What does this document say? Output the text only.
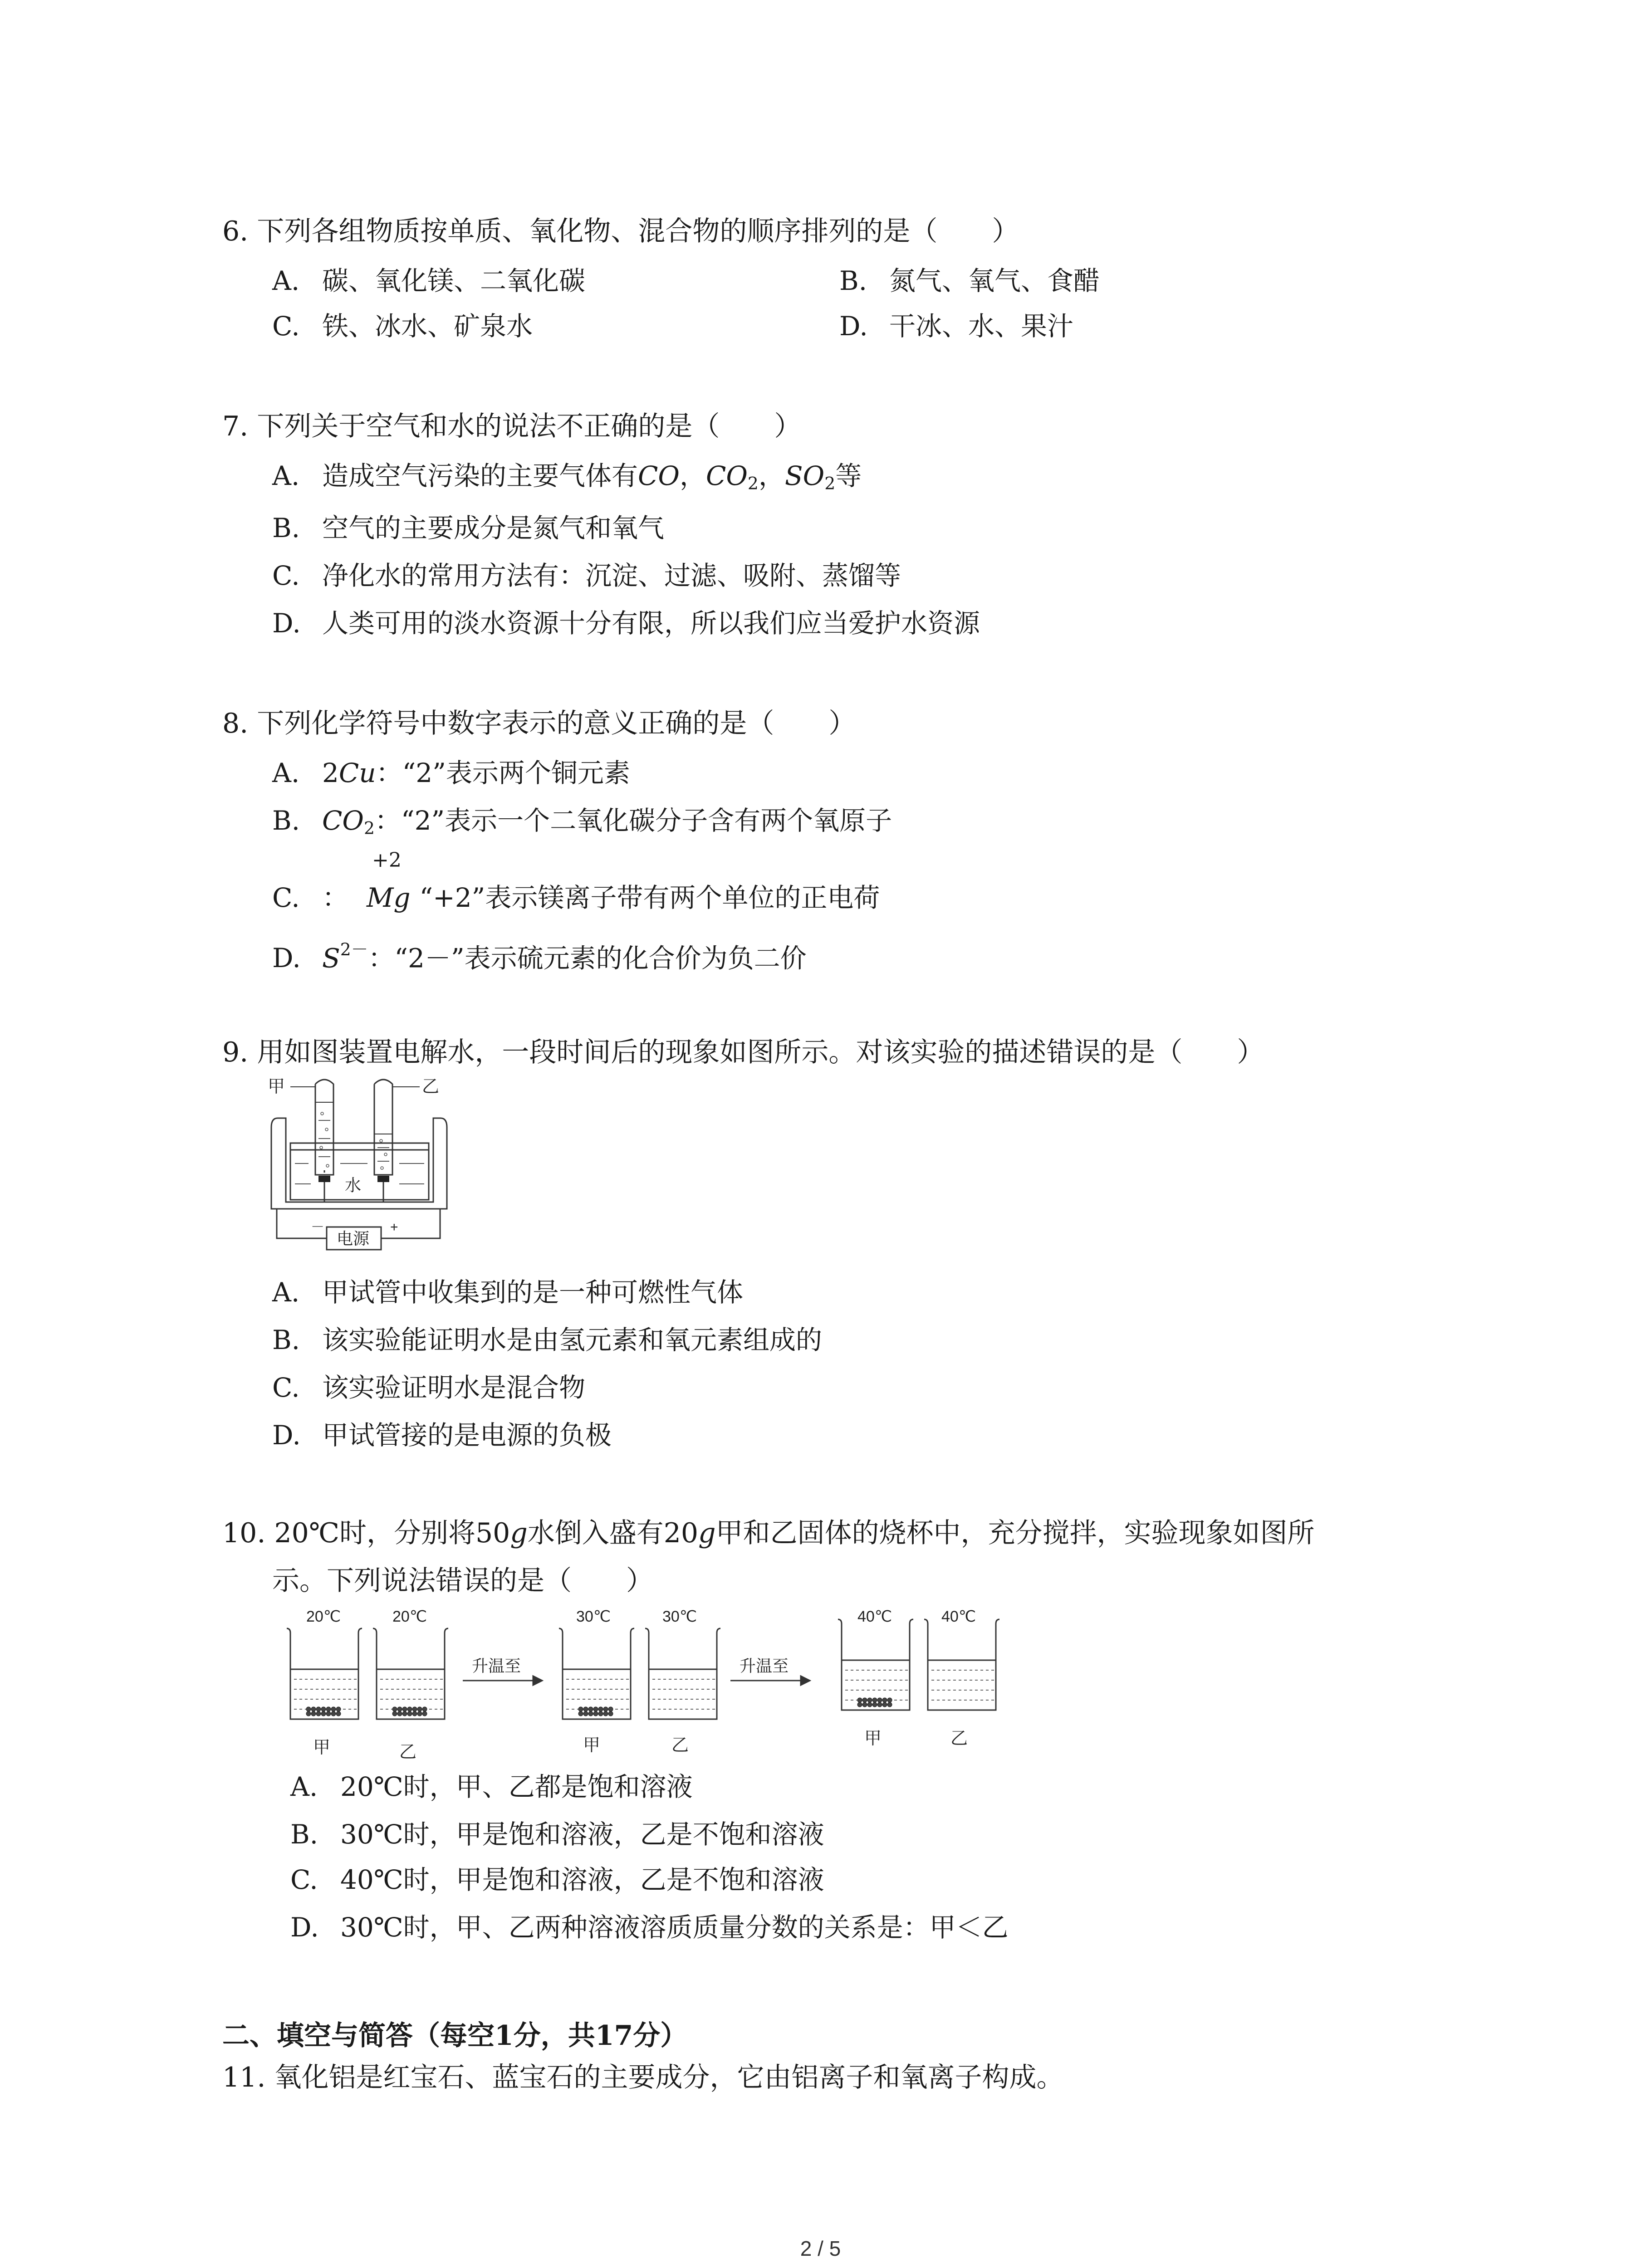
6. 下列各组物质按单质、氧化物、混合物的顺序排列的是（　　）
A. 碳、氧化镁、二氧化碳	B. 氮气、氧气、食醋
C. 铁、冰水、矿泉水	D. 干冰、水、果汁
7. 下列关于空气和水的说法不正确的是（　　）
A. 造成空气污染的主要气体有CO，$CO_2$，$SO_2$等
B. 空气的主要成分是氮气和氧气
C. 净化水的常用方法有：沉淀、过滤、吸附、蒸馏等
D. 人类可用的淡水资源十分有限，所以我们应当爱护水资源
8. 下列化学符号中数字表示的意义正确的是（　　）
A. 2Cu：“2”表示两个铜元素
B. $CO_2$：“2”表示一个二氧化碳分子含有两个氧原子
C. ：
+2
Mg “+2”表示镁离子带有两个单位的正电荷
D. $S^{2-}$：“2－”表示硫元素的化合价为负二价
9. 用如图装置电解水，一段时间后的现象如图所示。对该实验的描述错误的是（　　）
甲	乙
水
－	+
电源
A. 甲试管中收集到的是一种可燃性气体
B. 该实验能证明水是由氢元素和氧元素组成的
C. 该实验证明水是混合物
D. 甲试管接的是电源的负极
10. 20℃时，分别将50g水倒入盛有20g甲和乙固体的烧杯中，充分搅拌，实验现象如图所
示。下列说法错误的是（　　）
升温至	升温至
20℃	20℃	30℃	30℃	40℃	40℃
甲	乙	甲	乙	甲	乙
A. 20℃时，甲、乙都是饱和溶液
B. 30℃时，甲是饱和溶液，乙是不饱和溶液
C. 40℃时，甲是饱和溶液，乙是不饱和溶液
D. 30℃时，甲、乙两种溶液溶质质量分数的关系是：甲＜乙
二、填空与简答（每空1分，共17分）
11. 氧化铝是红宝石、蓝宝石的主要成分，它由铝离子和氧离子构成。
2 / 5
